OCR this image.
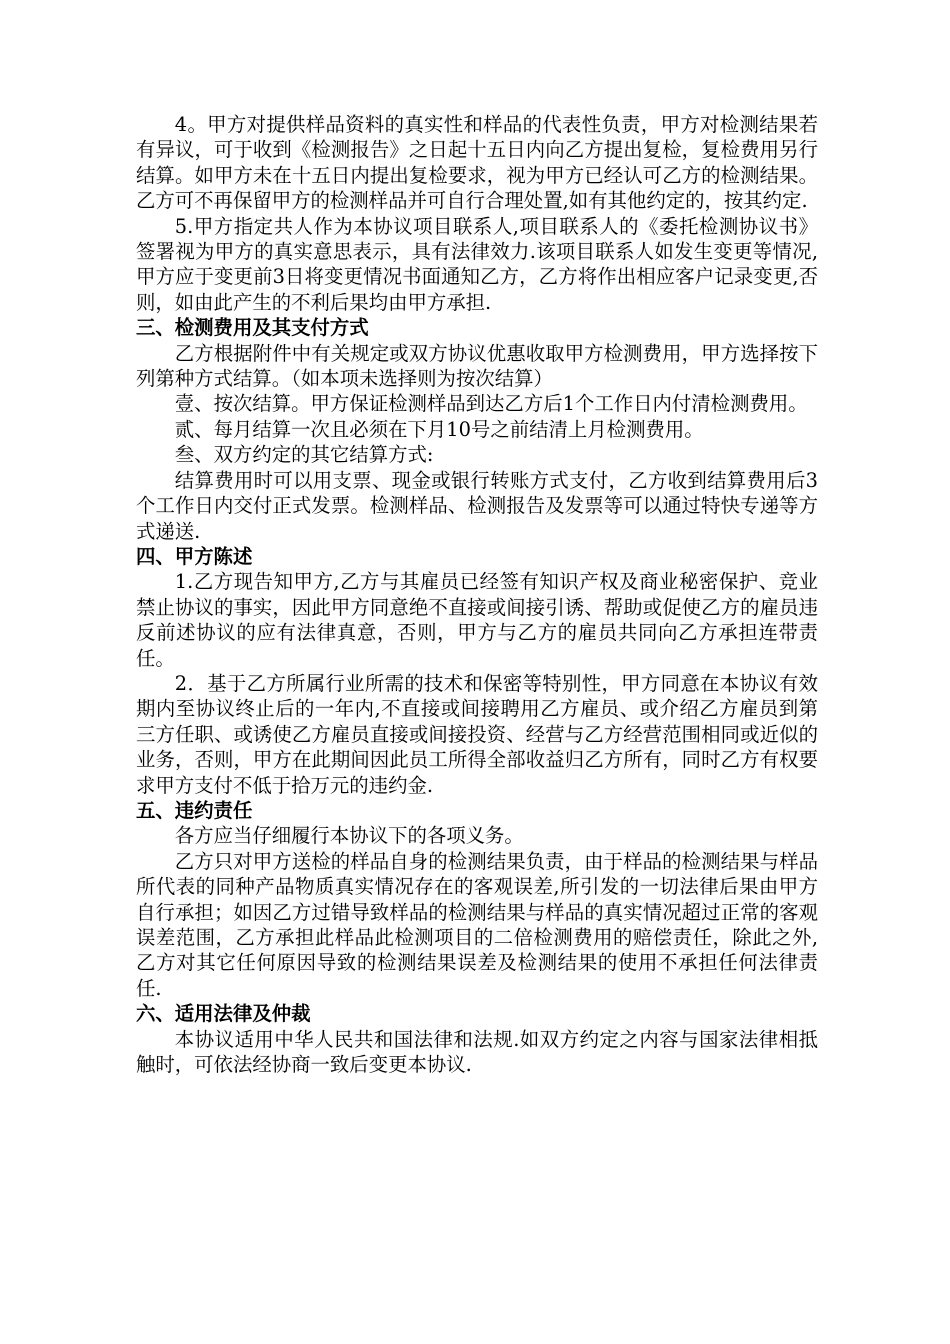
4。甲方对提供样品资料的真实性和样品的代表性负责，甲方对检测结果若有异议，可于收到《检测报告》之日起十五日内向乙方提出复检，复检费用另行结算。如甲方未在十五日内提出复检要求，视为甲方已经认可乙方的检测结果。乙方可不再保留甲方的检测样品并可自行合理处置,如有其他约定的，按其约定.

5.甲方指定共人作为本协议项目联系人,项目联系人的《委托检测协议书》签署视为甲方的真实意思表示，具有法律效力.该项目联系人如发生变更等情况,甲方应于变更前3日将变更情况书面通知乙方，乙方将作出相应客户记录变更,否则，如由此产生的不利后果均由甲方承担.

三、检测费用及其支付方式

乙方根据附件中有关规定或双方协议优惠收取甲方检测费用，甲方选择按下列第种方式结算。（如本项未选择则为按次结算）

壹、按次结算。甲方保证检测样品到达乙方后1个工作日内付清检测费用。

贰、每月结算一次且必须在下月10号之前结清上月检测费用。

叁、双方约定的其它结算方式:

结算费用时可以用支票、现金或银行转账方式支付，乙方收到结算费用后3个工作日内交付正式发票。检测样品、检测报告及发票等可以通过特快专递等方式递送.

四、甲方陈述

1.乙方现告知甲方,乙方与其雇员已经签有知识产权及商业秘密保护、竞业禁止协议的事实，因此甲方同意绝不直接或间接引诱、帮助或促使乙方的雇员违反前述协议的应有法律真意，否则，甲方与乙方的雇员共同向乙方承担连带责任。

2．基于乙方所属行业所需的技术和保密等特别性，甲方同意在本协议有效期内至协议终止后的一年内,不直接或间接聘用乙方雇员、或介绍乙方雇员到第三方任职、或诱使乙方雇员直接或间接投资、经营与乙方经营范围相同或近似的业务，否则，甲方在此期间因此员工所得全部收益归乙方所有，同时乙方有权要求甲方支付不低于拾万元的违约金.

五、违约责任

各方应当仔细履行本协议下的各项义务。

乙方只对甲方送检的样品自身的检测结果负责，由于样品的检测结果与样品所代表的同种产品物质真实情况存在的客观误差,所引发的一切法律后果由甲方自行承担；如因乙方过错导致样品的检测结果与样品的真实情况超过正常的客观误差范围，乙方承担此样品此检测项目的二倍检测费用的赔偿责任，除此之外,乙方对其它任何原因导致的检测结果误差及检测结果的使用不承担任何法律责任.

六、适用法律及仲裁

本协议适用中华人民共和国法律和法规.如双方约定之内容与国家法律相抵触时，可依法经协商一致后变更本协议.
